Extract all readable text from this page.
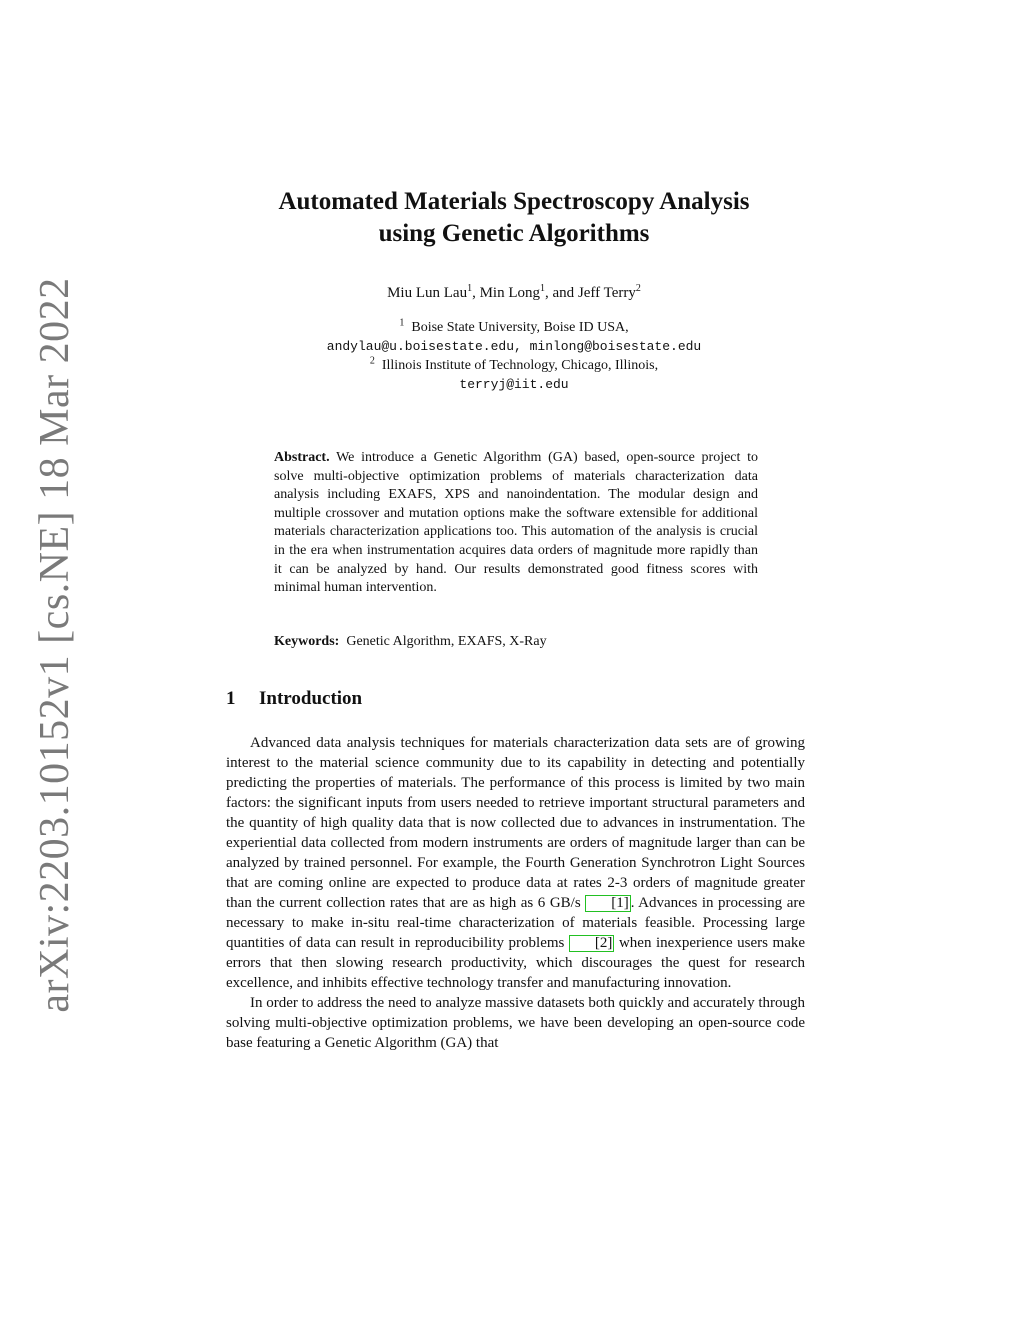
arXiv:2203.10152v1 [cs.NE] 18 Mar 2022
Automated Materials Spectroscopy Analysis
using Genetic Algorithms
Miu Lun Lau$^1$, Min Long$^1$, and Jeff Terry$^2$
$^1$ Boise State University, Boise ID USA,
andylau@u.boisestate.edu, minlong@boisestate.edu
$^2$ Illinois Institute of Technology, Chicago, Illinois,
terryj@iit.edu
Abstract. We introduce a Genetic Algorithm (GA) based, open-source project to solve multi-objective optimization problems of materials characterization data analysis including EXAFS, XPS and nanoindentation. The modular design and multiple crossover and mutation options make the software extensible for additional materials characterization applications too. This automation of the analysis is crucial in the era when instrumentation acquires data orders of magnitude more rapidly than it can be analyzed by hand. Our results demonstrated good fitness scores with minimal human intervention.
Keywords: Genetic Algorithm, EXAFS, X-Ray
1 Introduction

Advanced data analysis techniques for materials characterization data sets are of growing interest to the material science community due to its capability in detecting and potentially predicting the properties of materials. The performance of this process is limited by two main factors: the significant inputs from users needed to retrieve important structural parameters and the quantity of high quality data that is now collected due to advances in instrumentation. The experiential data collected from modern instruments are orders of magnitude larger than can be analyzed by trained personnel. For example, the Fourth Generation Synchrotron Light Sources that are coming online are expected to produce data at rates 2-3 orders of magnitude greater than the current collection rates that are as high as 6 GB/s [1] . Advances in processing are necessary to make in-situ real-time characterization of materials feasible. Processing large quantities of data can result in reproducibility problems [2] when inexperience users make errors that then slowing research productivity, which discourages the quest for research excellence, and inhibits effective technology transfer and manufacturing innovation.

In order to address the need to analyze massive datasets both quickly and accurately through solving multi-objective optimization problems, we have been developing an open-source code base featuring a Genetic Algorithm (GA) that
